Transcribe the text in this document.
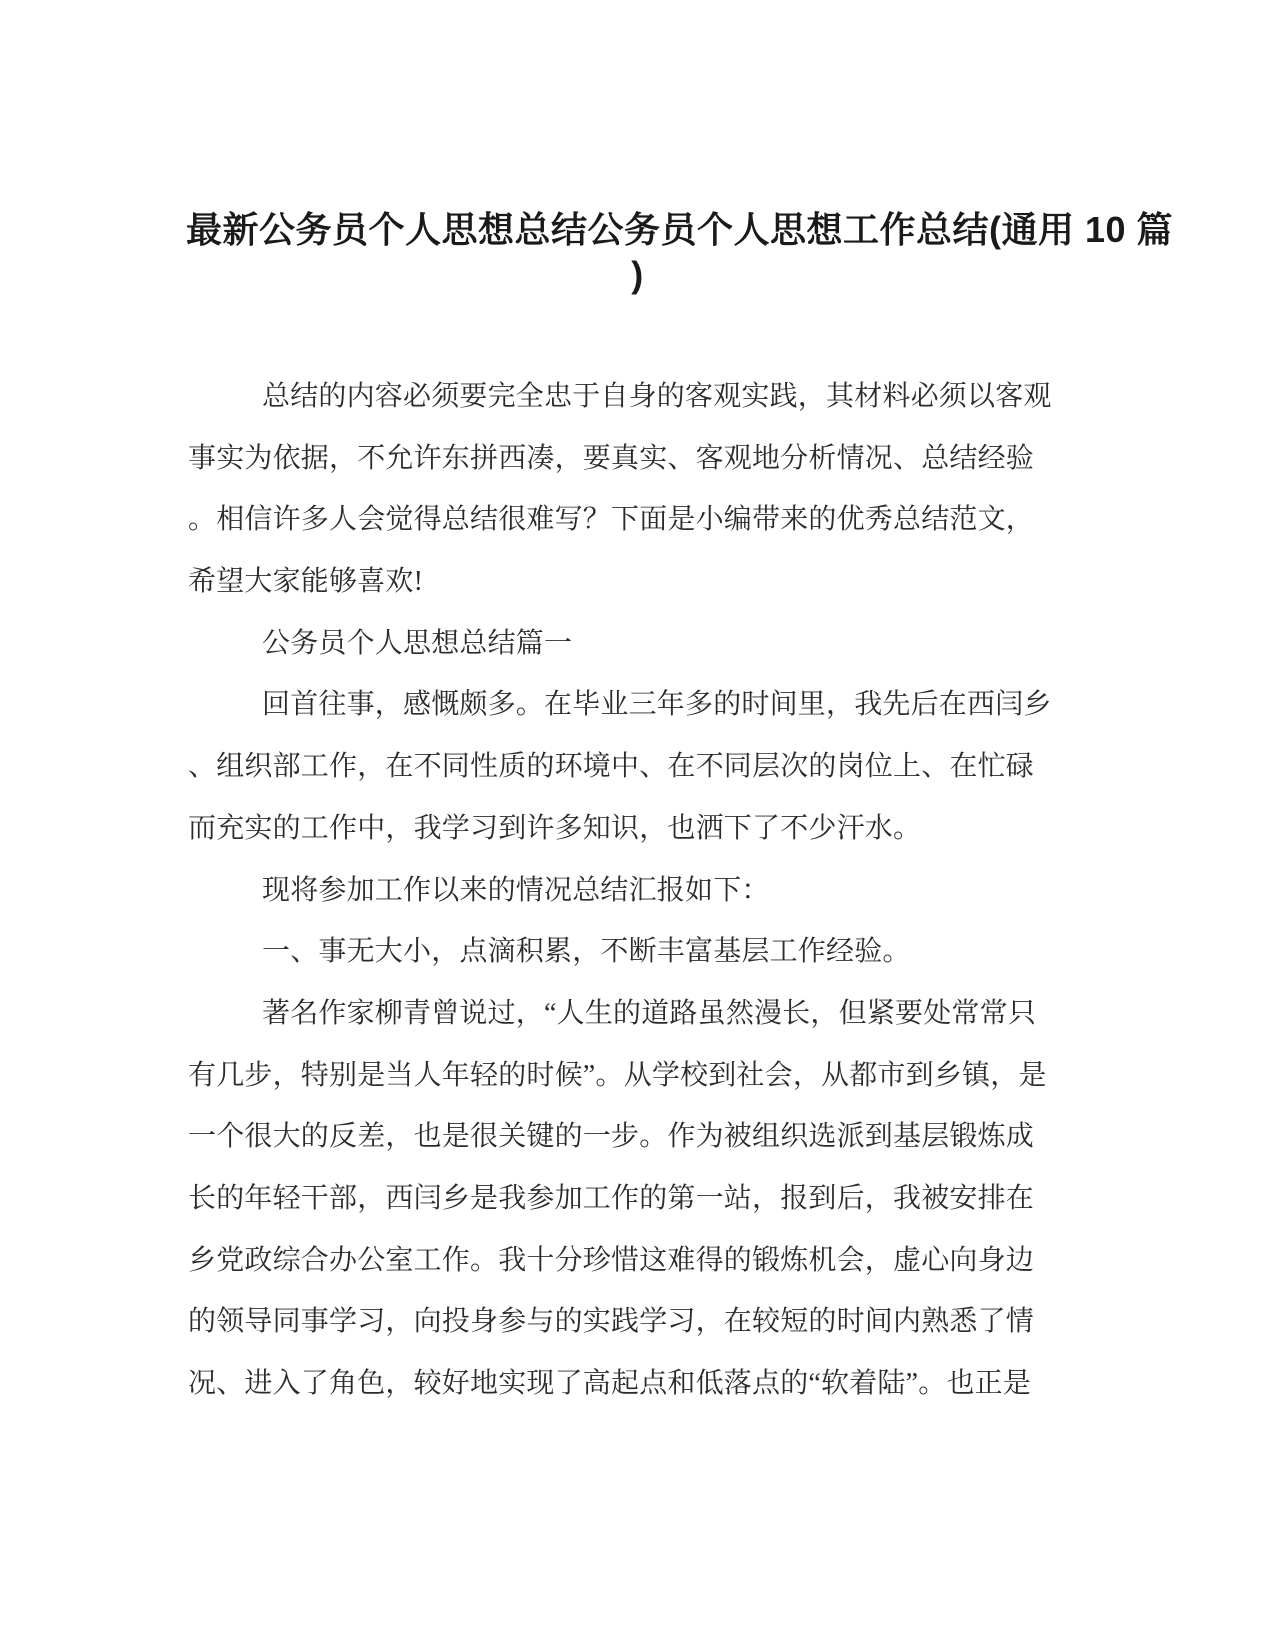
最新公务员个人思想总结公务员个人思想工作总结(通用 10 篇
)
总结的内容必须要完全忠于自身的客观实践，其材料必须以客观
事实为依据，不允许东拼西凑，要真实、客观地分析情况、总结经验
。相信许多人会觉得总结很难写？下面是小编带来的优秀总结范文，
希望大家能够喜欢!
公务员个人思想总结篇一
回首往事，感慨颇多。在毕业三年多的时间里，我先后在西闫乡
、组织部工作，在不同性质的环境中、在不同层次的岗位上、在忙碌
而充实的工作中，我学习到许多知识，也洒下了不少汗水。
现将参加工作以来的情况总结汇报如下：
一、事无大小，点滴积累，不断丰富基层工作经验。
著名作家柳青曾说过，“人生的道路虽然漫长，但紧要处常常只
有几步，特别是当人年轻的时候”。从学校到社会，从都市到乡镇，是
一个很大的反差，也是很关键的一步。作为被组织选派到基层锻炼成
长的年轻干部，西闫乡是我参加工作的第一站，报到后，我被安排在
乡党政综合办公室工作。我十分珍惜这难得的锻炼机会，虚心向身边
的领导同事学习，向投身参与的实践学习，在较短的时间内熟悉了情
况、进入了角色，较好地实现了高起点和低落点的“软着陆”。也正是
